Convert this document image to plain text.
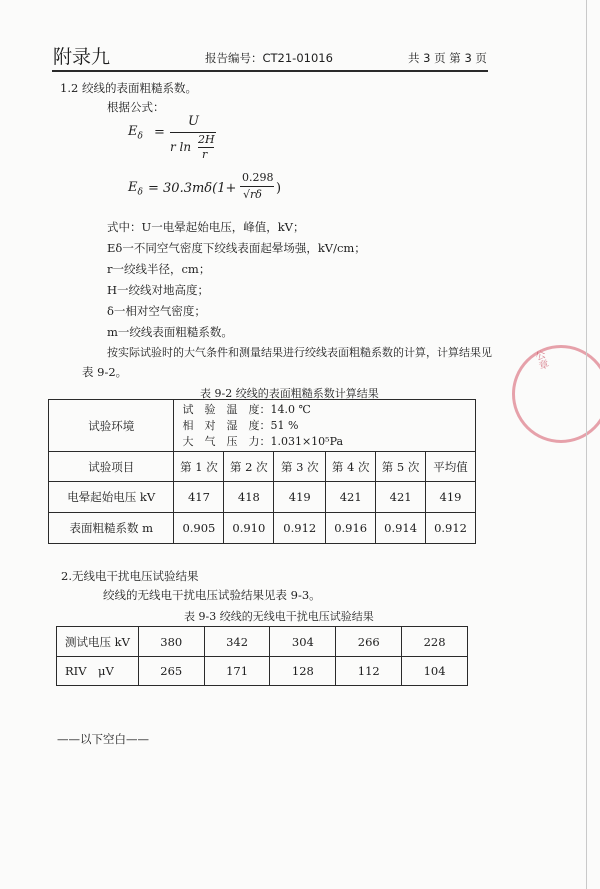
附录九	报告编号：CT21-01016	共 3 页 第 3 页
1.2 绞线的表面粗糙系数。
根据公式：
$E_\delta$ =
U
r ln
2H
r
$E_\delta = 30.3m\delta(1+$
0.298
√rδ )
式中：U一电晕起始电压，峰值，kV；
Eδ一不同空气密度下绞线表面起晕场强，kV/cm；
r一绞线半径，cm；
H一绞线对地高度；
δ一相对空气密度；
m一绞线表面粗糙系数。
按实际试验时的大气条件和测量结果进行绞线表面粗糙系数的计算，计算结果见
表 9-2。
表 9-2 绞线的表面粗糙系数计算结果
试验环境	试　验　温　度：14.0 ℃
相　对　湿　度：51 %
大　气　压　力：1.031×10⁵Pa					

试验项目	第 1 次	第 2 次	第 3 次	第 4 次	第 5 次	平均值
电晕起始电压 kV	417	418	419	421	421	419
表面粗糙系数 m	0.905	0.910	0.912	0.916	0.914	0.912
2.无线电干扰电压试验结果
绞线的无线电干扰电压试验结果见表 9-3。
表 9-3 绞线的无线电干扰电压试验结果
测试电压 kV	380	342	304	266	228
RIV　μV	265	171	128	112	104
——以下空白——
公章
